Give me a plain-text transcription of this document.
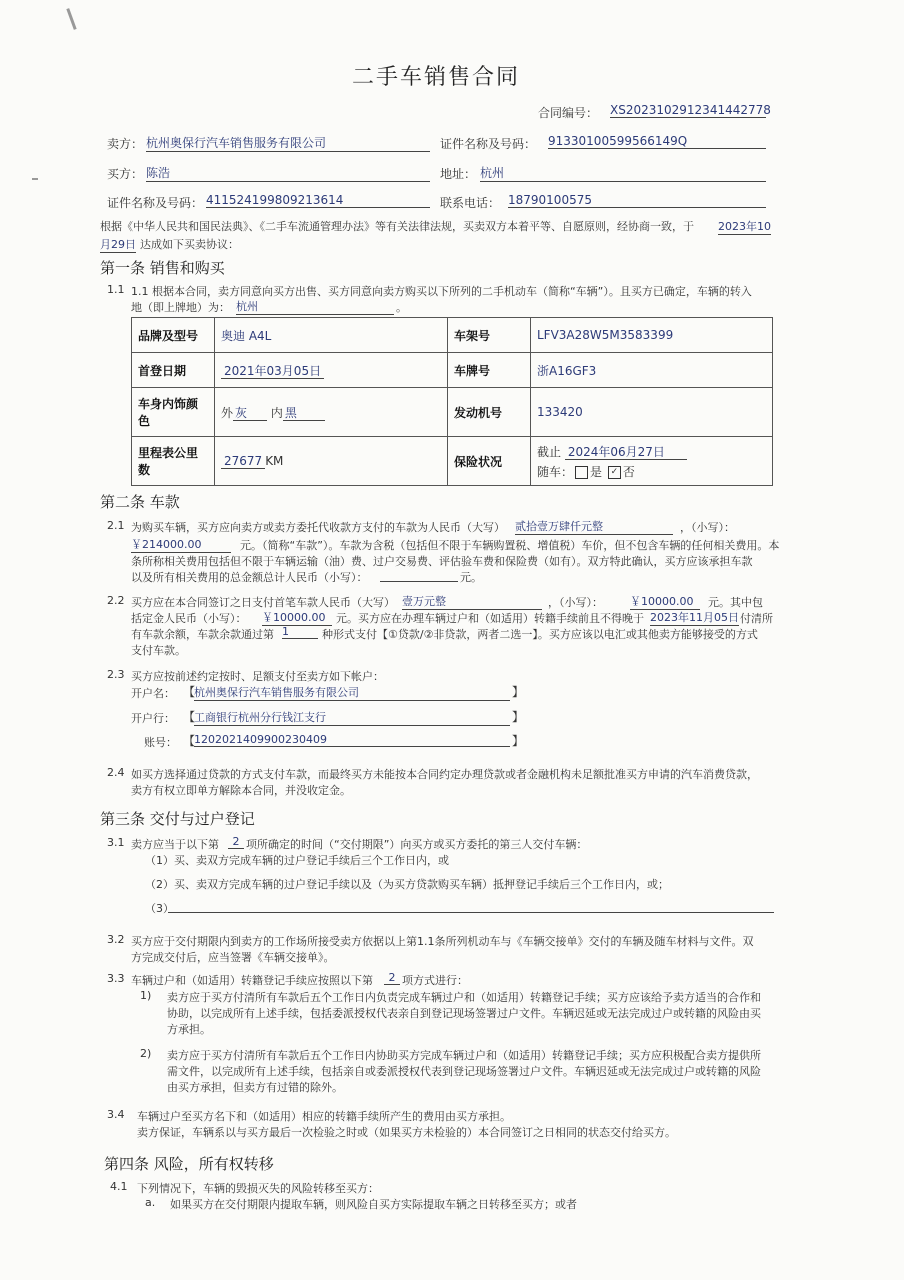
二手车销售合同
合同编号： XS2023102912341442778
卖方： 杭州奥保行汽车销售服务有限公司	证件名称及号码： 91330100599566149Q
买方： 陈浩	地址： 杭州
证件名称及号码： 411524199809213614	联系电话： 18790100575
根据《中华人民共和国民法典》、《二手车流通管理办法》等有关法律法规，买卖双方本着平等、自愿原则，经协商一致，于 2023年10
月29日 达成如下买卖协议：
第一条 销售和购买
1.1 1.1 根据本合同，卖方同意向买方出售、买方同意向卖方购买以下所列的二手机动车（简称“车辆”）。且买方已确定，车辆的转入
地（即上牌地）为： 杭州	。
品牌及型号	奥迪 A4L	车架号	LFV3A28W5M3583399
首登日期	2021年03月05日	车牌号	浙A16GF3
车身内饰颜色	外 灰 内 黑	发动机号	133420
里程表公里数	27677 KM	保险状况	截止 2024年06月27日
随车： 是 ✓ 否
第二条 车款
2.1 为购买车辆，买方应向卖方或卖方委托代收款方支付的车款为人民币（大写） 贰拾壹万肆仟元整	，（小写）：
￥214000.00	元。（简称“车款”）。车款为含税（包括但不限于车辆购置税、增值税）车价，但不包含车辆的任何相关费用。本
条所称相关费用包括但不限于车辆运输（油）费、过户交易费、评估验车费和保险费（如有）。双方特此确认，买方应该承担车款
以及所有相关费用的总金额总计人民币（小写）：	元。
2.2 买方应在本合同签订之日支付首笔车款人民币（大写） 壹万元整	，（小写）： ￥10000.00	元。其中包
括定金人民币（小写）： ￥10000.00 元。买方应在办理车辆过户和（如适用）转籍手续前且不得晚于 2023年11月05日 付清所
有车款余额，车款余款通过第 1	种形式支付【①贷款/②非贷款，两者二选一】。买方应该以电汇或其他卖方能够接受的方式
支付车款。
2.3 买方应按前述约定按时、足额支付至卖方如下帐户：
开户名： 【
杭州奥保行汽车销售服务有限公司	】
开户行： 【
工商银行杭州分行钱江支行	】
账号： 【
1202021409900230409	】
2.4 如买方选择通过贷款的方式支付车款，而最终买方未能按本合同约定办理贷款或者金融机构未足额批准买方申请的汽车消费贷款，
卖方有权立即单方解除本合同，并没收定金。
第三条 交付与过户登记
3.1 卖方应当于以下第	2 项所确定的时间（“交付期限”）向买方或买方委托的第三人交付车辆：
（1）买、卖双方完成车辆的过户登记手续后三个工作日内，或
（2）买、卖双方完成车辆的过户登记手续以及（为买方贷款购买车辆）抵押登记手续后三个工作日内，或；
（3）
3.2 买方应于交付期限内到卖方的工作场所接受卖方依据以上第1.1条所列机动车与《车辆交接单》交付的车辆及随车材料与文件。双
方完成交付后，应当签署《车辆交接单》。
3.3 车辆过户和（如适用）转籍登记手续应按照以下第	2 项方式进行：
1) 卖方应于买方付清所有车款后五个工作日内负责完成车辆过户和（如适用）转籍登记手续；买方应该给予卖方适当的合作和
协助，以完成所有上述手续，包括委派授权代表亲自到登记现场签署过户文件。车辆迟延或无法完成过户或转籍的风险由买
方承担。
2) 卖方应于买方付清所有车款后五个工作日内协助买方完成车辆过户和（如适用）转籍登记手续；买方应积极配合卖方提供所
需文件，以完成所有上述手续，包括亲自或委派授权代表到登记现场签署过户文件。车辆迟延或无法完成过户或转籍的风险
由买方承担，但卖方有过错的除外。
3.4 车辆过户至买方名下和（如适用）相应的转籍手续所产生的费用由买方承担。
卖方保证，车辆系以与买方最后一次检验之时或（如果买方未检验的）本合同签订之日相同的状态交付给买方。
第四条 风险，所有权转移
4.1 下列情况下，车辆的毁损灭失的风险转移至买方：
a. 如果买方在交付期限内提取车辆，则风险自买方实际提取车辆之日转移至买方；或者
